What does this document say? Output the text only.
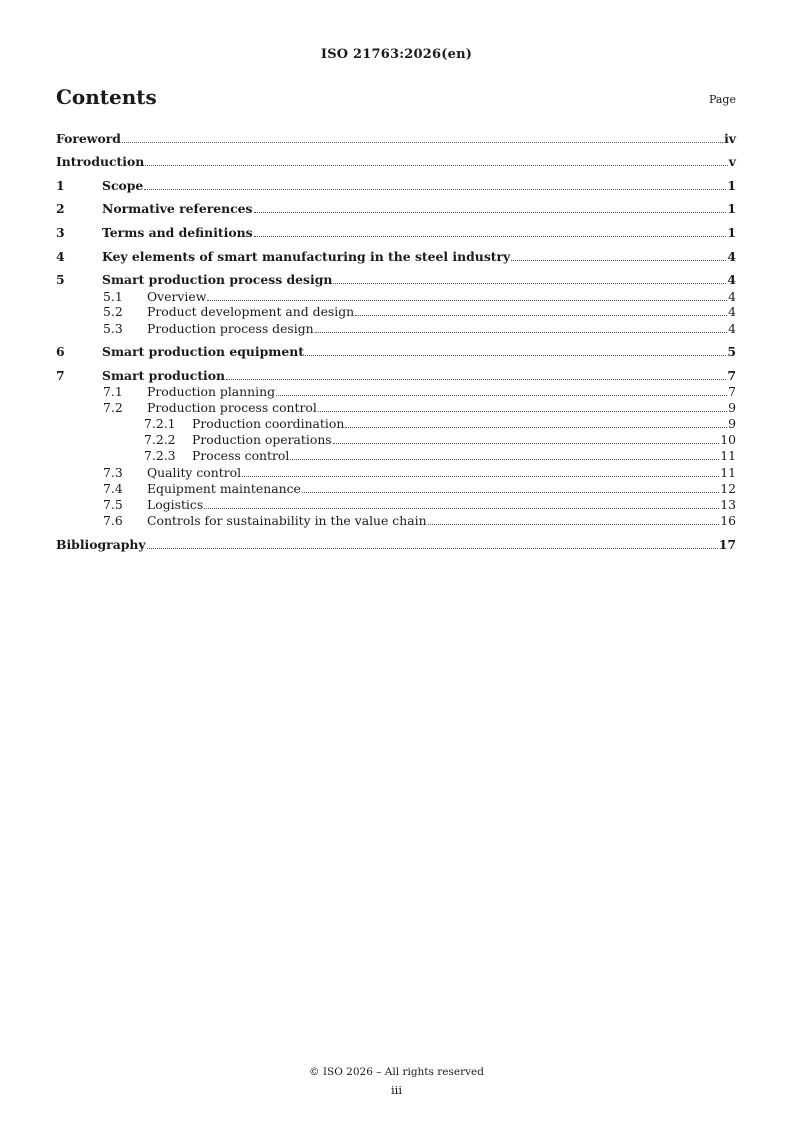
ISO 21763:2026(en)
Contents	Page
Foreword	iv
Introduction	v
1	Scope	1
2	Normative references	1
3	Terms and definitions	1
4	Key elements of smart manufacturing in the steel industry	4
5	Smart production process design	4
5.1 Overview	4
5.2 Product development and design	4
5.3 Production process design	4
6	Smart production equipment	5
7	Smart production	7
7.1 Production planning	7
7.2 Production process control	9
7.2.1 Production coordination	9
7.2.2 Production operations	10
7.2.3 Process control	11
7.3 Quality control	11
7.4 Equipment maintenance	12
7.5 Logistics	13
7.6 Controls for sustainability in the value chain	16
Bibliography	17
© ISO 2026 – All rights reserved
iii
